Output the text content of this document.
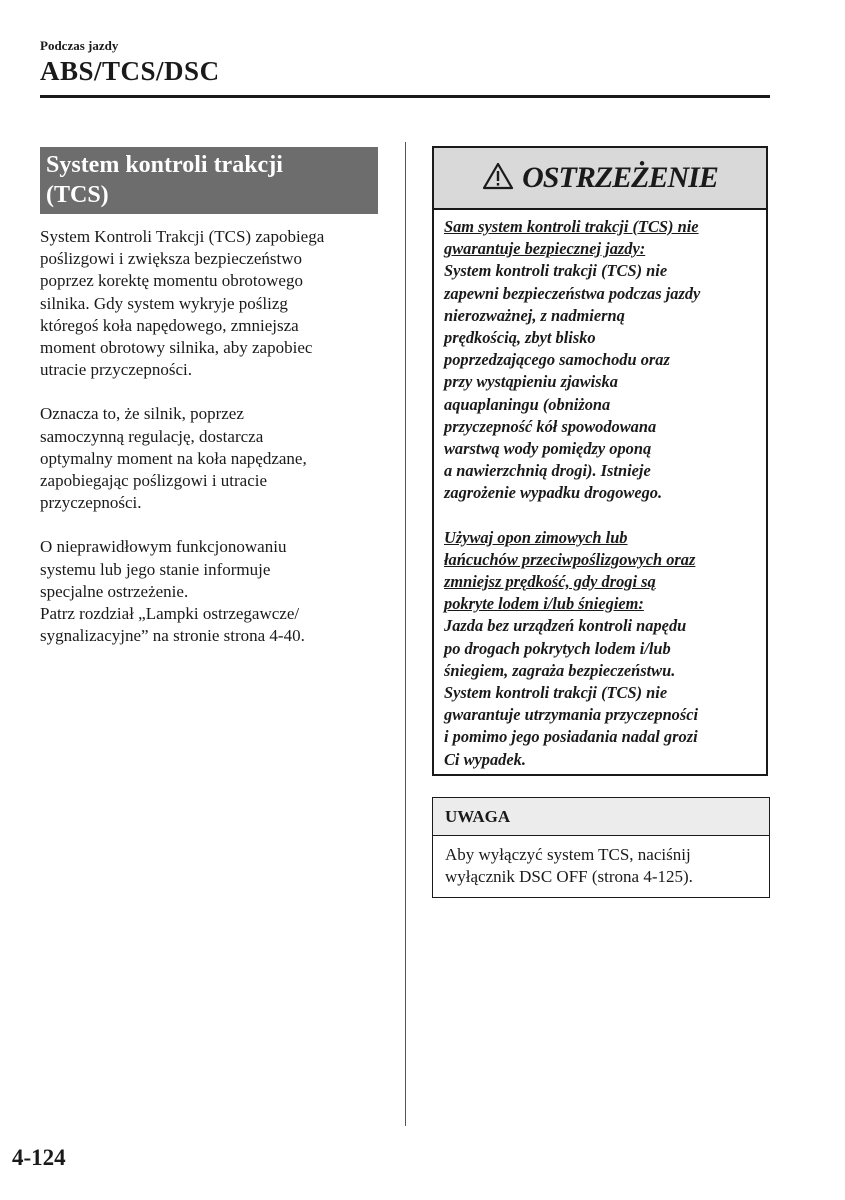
Podczas jazdy
ABS/TCS/DSC
System kontroli trakcji
(TCS)

System Kontroli Trakcji (TCS) zapobiega
poślizgowi i zwiększa bezpieczeństwo
poprzez korektę momentu obrotowego
silnika. Gdy system wykryje poślizg
któregoś koła napędowego, zmniejsza
moment obrotowy silnika, aby zapobiec
utracie przyczepności.

Oznacza to, że silnik, poprzez
samoczynną regulację, dostarcza
optymalny moment na koła napędzane,
zapobiegając poślizgowi i utracie
przyczepności.

O nieprawidłowym funkcjonowaniu
systemu lub jego stanie informuje
specjalne ostrzeżenie.
Patrz rozdział „Lampki ostrzegawcze/
sygnalizacyjne” na stronie strona 4-40.

OSTRZEŻENIE
Sam system kontroli trakcji (TCS) nie
gwarantuje bezpiecznej jazdy:
System kontroli trakcji (TCS) nie
zapewni bezpieczeństwa podczas jazdy
nierozważnej, z nadmierną
prędkością, zbyt blisko
poprzedzającego samochodu oraz
przy wystąpieniu zjawiska
aquaplaningu (obniżona
przyczepność kół spowodowana
warstwą wody pomiędzy oponą
a nawierzchnią drogi). Istnieje
zagrożenie wypadku drogowego.
Używaj opon zimowych lub
łańcuchów przeciwpoślizgowych oraz
zmniejsz prędkość, gdy drogi są
pokryte lodem i/lub śniegiem:
Jazda bez urządzeń kontroli napędu
po drogach pokrytych lodem i/lub
śniegiem, zagraża bezpieczeństwu.
System kontroli trakcji (TCS) nie
gwarantuje utrzymania przyczepności
i pomimo jego posiadania nadal grozi
Ci wypadek.
UWAGA
Aby wyłączyć system TCS, naciśnij
wyłącznik DSC OFF (strona 4-125).
4-124
